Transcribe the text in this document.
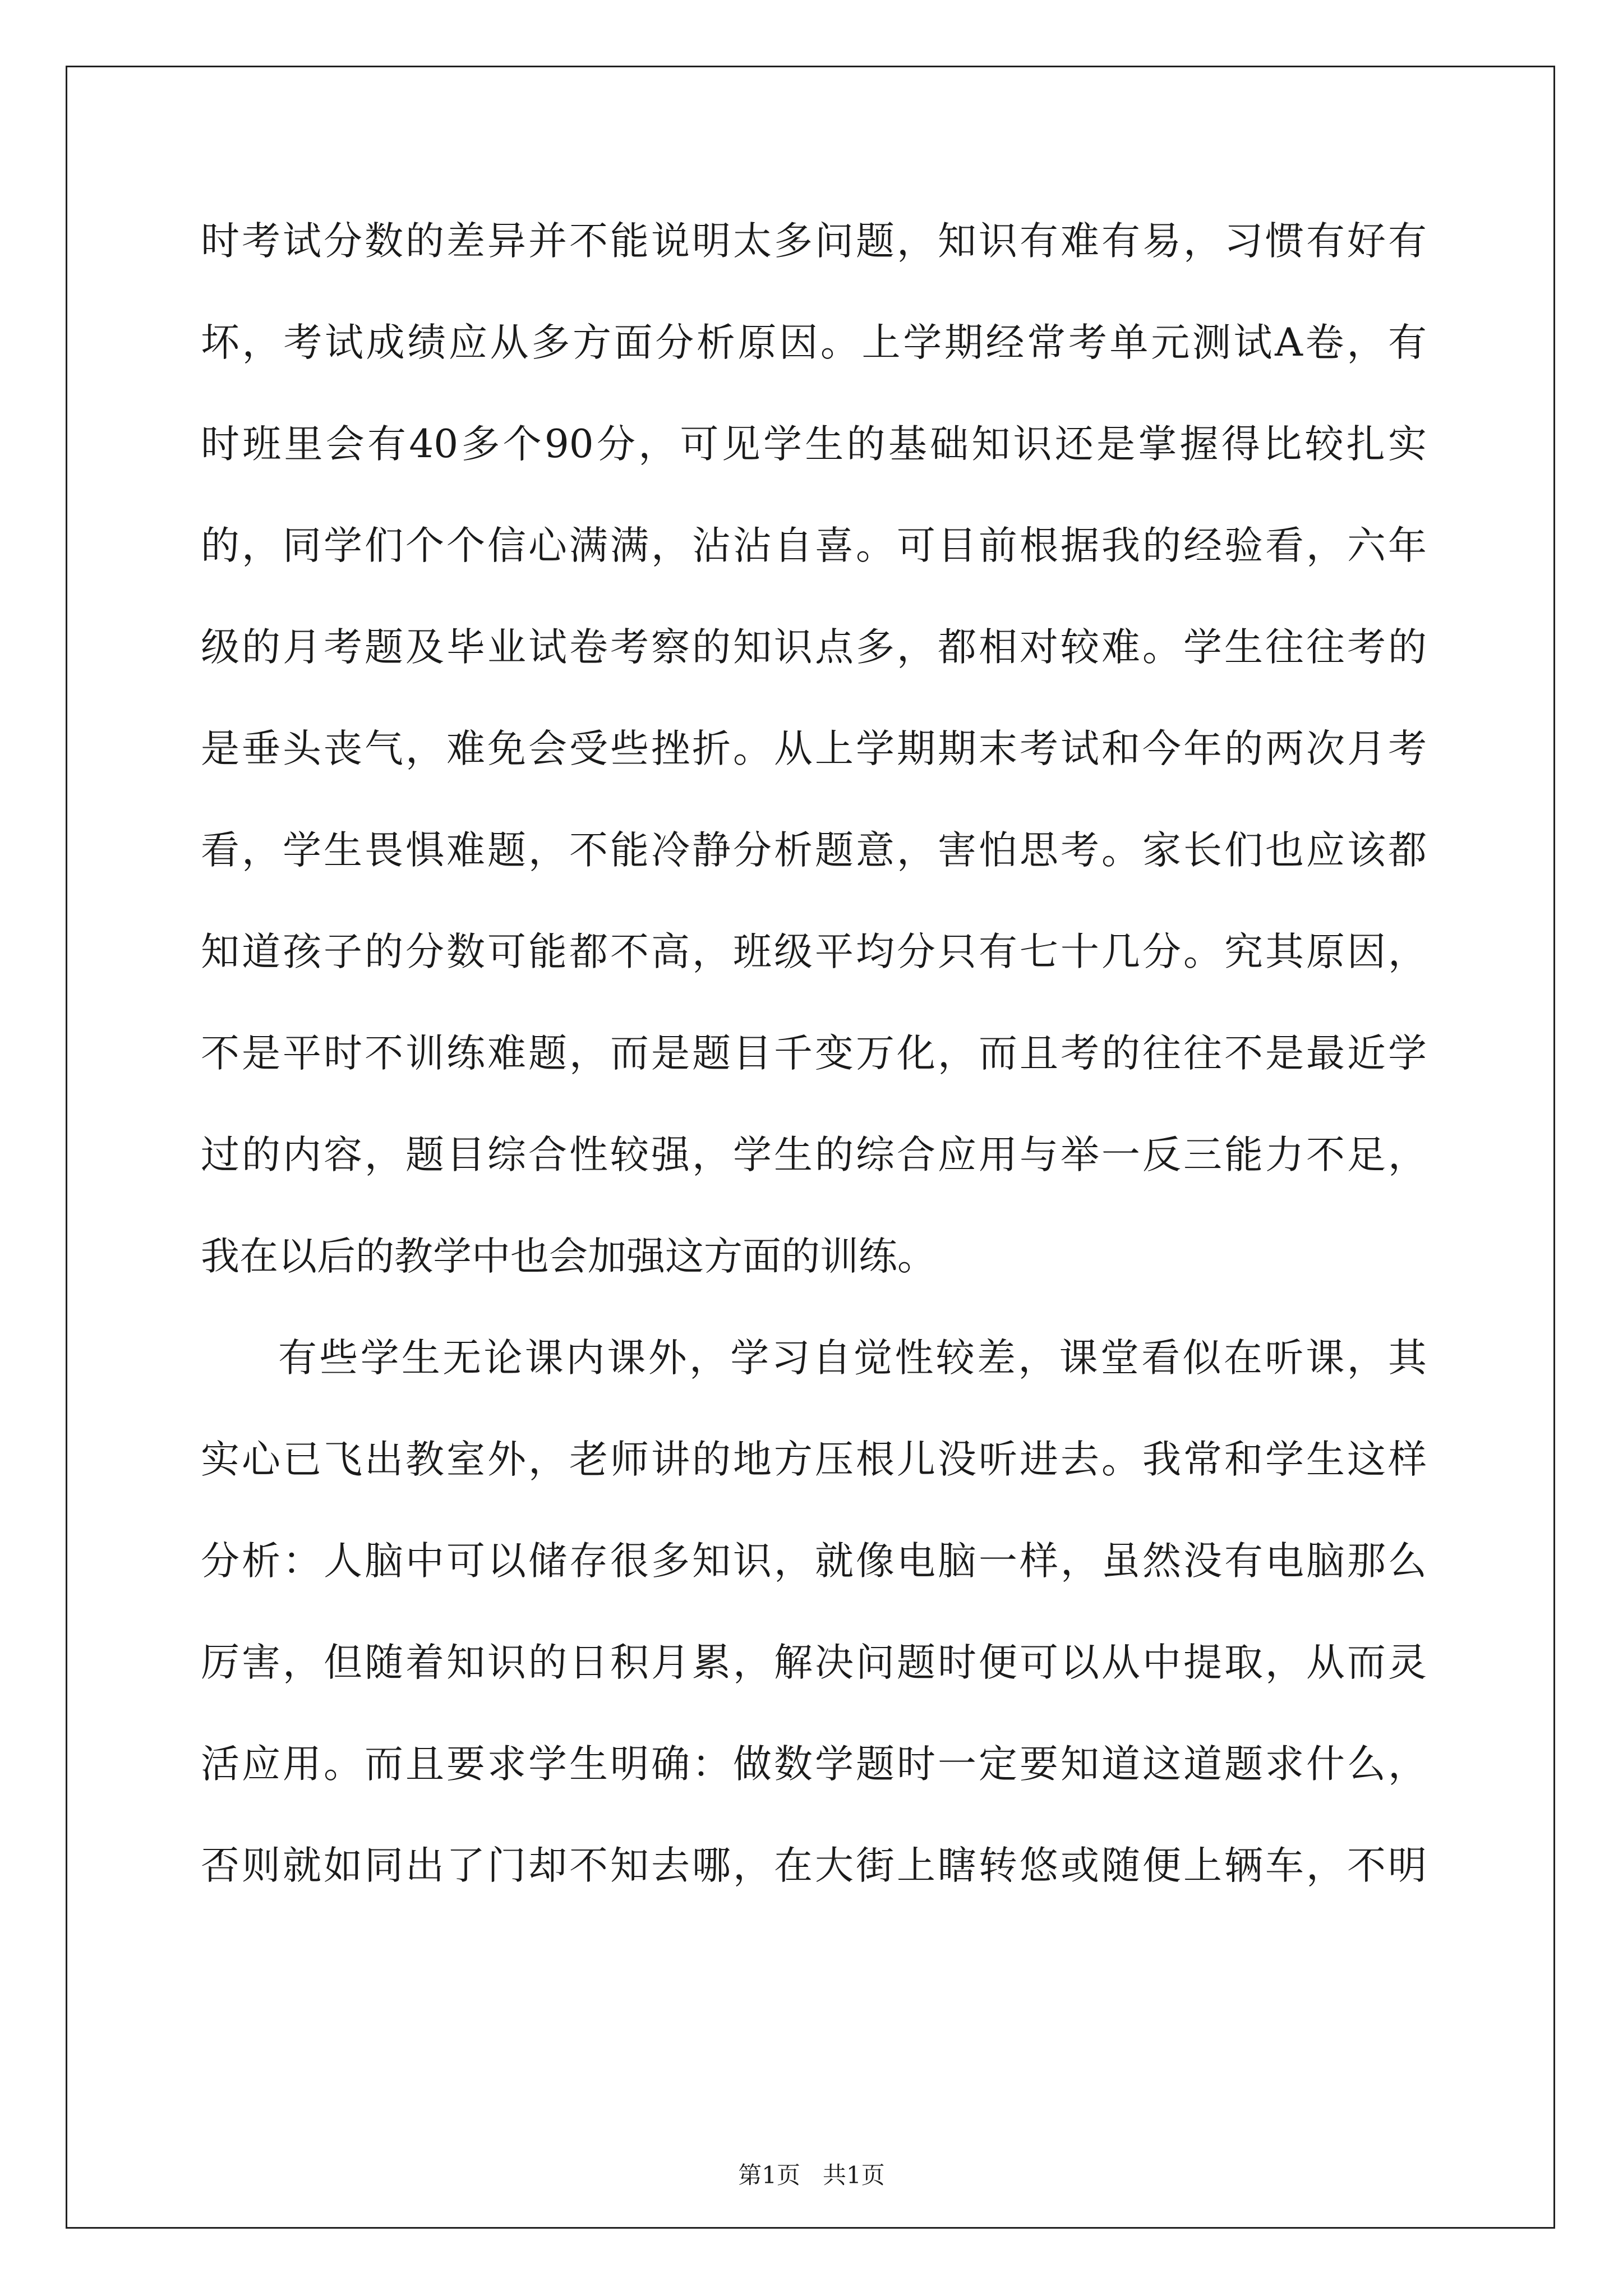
时考试分数的差异并不能说明太多问题，知识有难有易，习惯有好有
坏，考试成绩应从多方面分析原因。上学期经常考单元测试A卷，有
时班里会有40多个90分，可见学生的基础知识还是掌握得比较扎实
的，同学们个个信心满满，沾沾自喜。可目前根据我的经验看，六年
级的月考题及毕业试卷考察的知识点多，都相对较难。学生往往考的
是垂头丧气，难免会受些挫折。从上学期期末考试和今年的两次月考
看，学生畏惧难题，不能冷静分析题意，害怕思考。家长们也应该都
知道孩子的分数可能都不高，班级平均分只有七十几分。究其原因，
不是平时不训练难题，而是题目千变万化，而且考的往往不是最近学
过的内容，题目综合性较强，学生的综合应用与举一反三能力不足，
我在以后的教学中也会加强这方面的训练。
有些学生无论课内课外，学习自觉性较差，课堂看似在听课，其
实心已飞出教室外，老师讲的地方压根儿没听进去。我常和学生这样
分析：人脑中可以储存很多知识，就像电脑一样，虽然没有电脑那么
厉害，但随着知识的日积月累，解决问题时便可以从中提取，从而灵
活应用。而且要求学生明确：做数学题时一定要知道这道题求什么，
否则就如同出了门却不知去哪，在大街上瞎转悠或随便上辆车，不明
第1页   共1页
